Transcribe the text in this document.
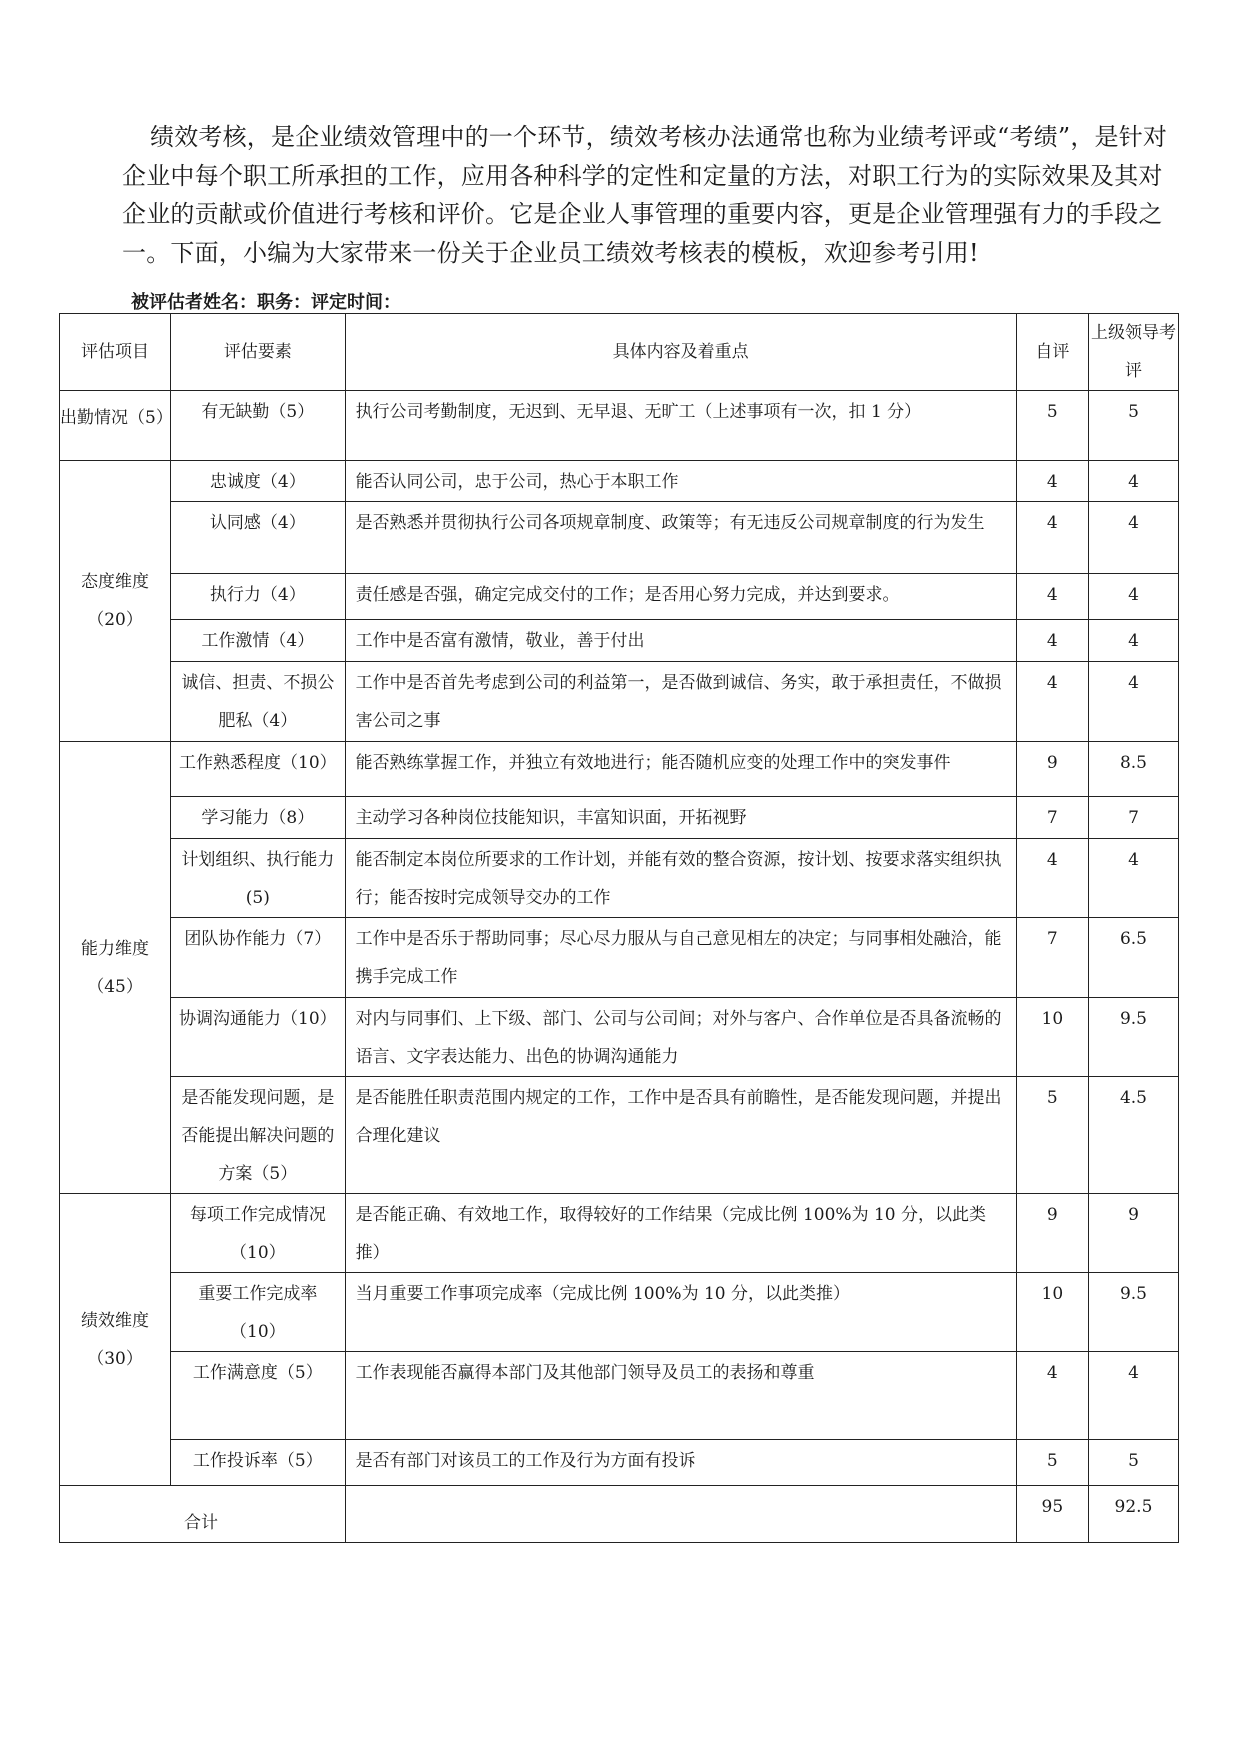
绩效考核，是企业绩效管理中的一个环节，绩效考核办法通常也称为业绩考评或“考绩”，是针对企业中每个职工所承担的工作，应用各种科学的定性和定量的方法，对职工行为的实际效果及其对企业的贡献或价值进行考核和评价。它是企业人事管理的重要内容，更是企业管理强有力的手段之一。下面，小编为大家带来一份关于企业员工绩效考核表的模板，欢迎参考引用!

被评估者姓名：职务：评定时间：

评估项目	评估要素	具体内容及着重点	自评	上级领导考评
出勤情况（5）	有无缺勤（5）	执行公司考勤制度，无迟到、无早退、无旷工（上述事项有一次，扣 1 分）	5	5
态度维度（20）	忠诚度（4）	能否认同公司，忠于公司，热心于本职工作	4	4
	认同感（4）	是否熟悉并贯彻执行公司各项规章制度、政策等；有无违反公司规章制度的行为发生	4	4
	执行力（4）	责任感是否强，确定完成交付的工作；是否用心努力完成，并达到要求。	4	4
	工作激情（4）	工作中是否富有激情，敬业，善于付出	4	4
	诚信、担责、不损公肥私（4）	工作中是否首先考虑到公司的利益第一，是否做到诚信、务实，敢于承担责任，不做损害公司之事	4	4
能力维度（45）	工作熟悉程度（10）	能否熟练掌握工作，并独立有效地进行；能否随机应变的处理工作中的突发事件	9	8.5
	学习能力（8）	主动学习各种岗位技能知识，丰富知识面，开拓视野	7	7
	计划组织、执行能力(5)	能否制定本岗位所要求的工作计划，并能有效的整合资源，按计划、按要求落实组织执行；能否按时完成领导交办的工作	4	4
	团队协作能力（7）	工作中是否乐于帮助同事；尽心尽力服从与自己意见相左的决定；与同事相处融洽，能携手完成工作	7	6.5
	协调沟通能力（10）	对内与同事们、上下级、部门、公司与公司间；对外与客户、合作单位是否具备流畅的语言、文字表达能力、出色的协调沟通能力	10	9.5
	是否能发现问题，是否能提出解决问题的方案（5）	是否能胜任职责范围内规定的工作，工作中是否具有前瞻性，是否能发现问题，并提出合理化建议	5	4.5
绩效维度（30）	每项工作完成情况（10）	是否能正确、有效地工作，取得较好的工作结果（完成比例 100%为 10 分，以此类推）	9	9
	重要工作完成率（10）	当月重要工作事项完成率（完成比例 100%为 10 分，以此类推）	10	9.5
	工作满意度（5）	工作表现能否赢得本部门及其他部门领导及员工的表扬和尊重	4	4
	工作投诉率（5）	是否有部门对该员工的工作及行为方面有投诉	5	5
合计			95	92.5
